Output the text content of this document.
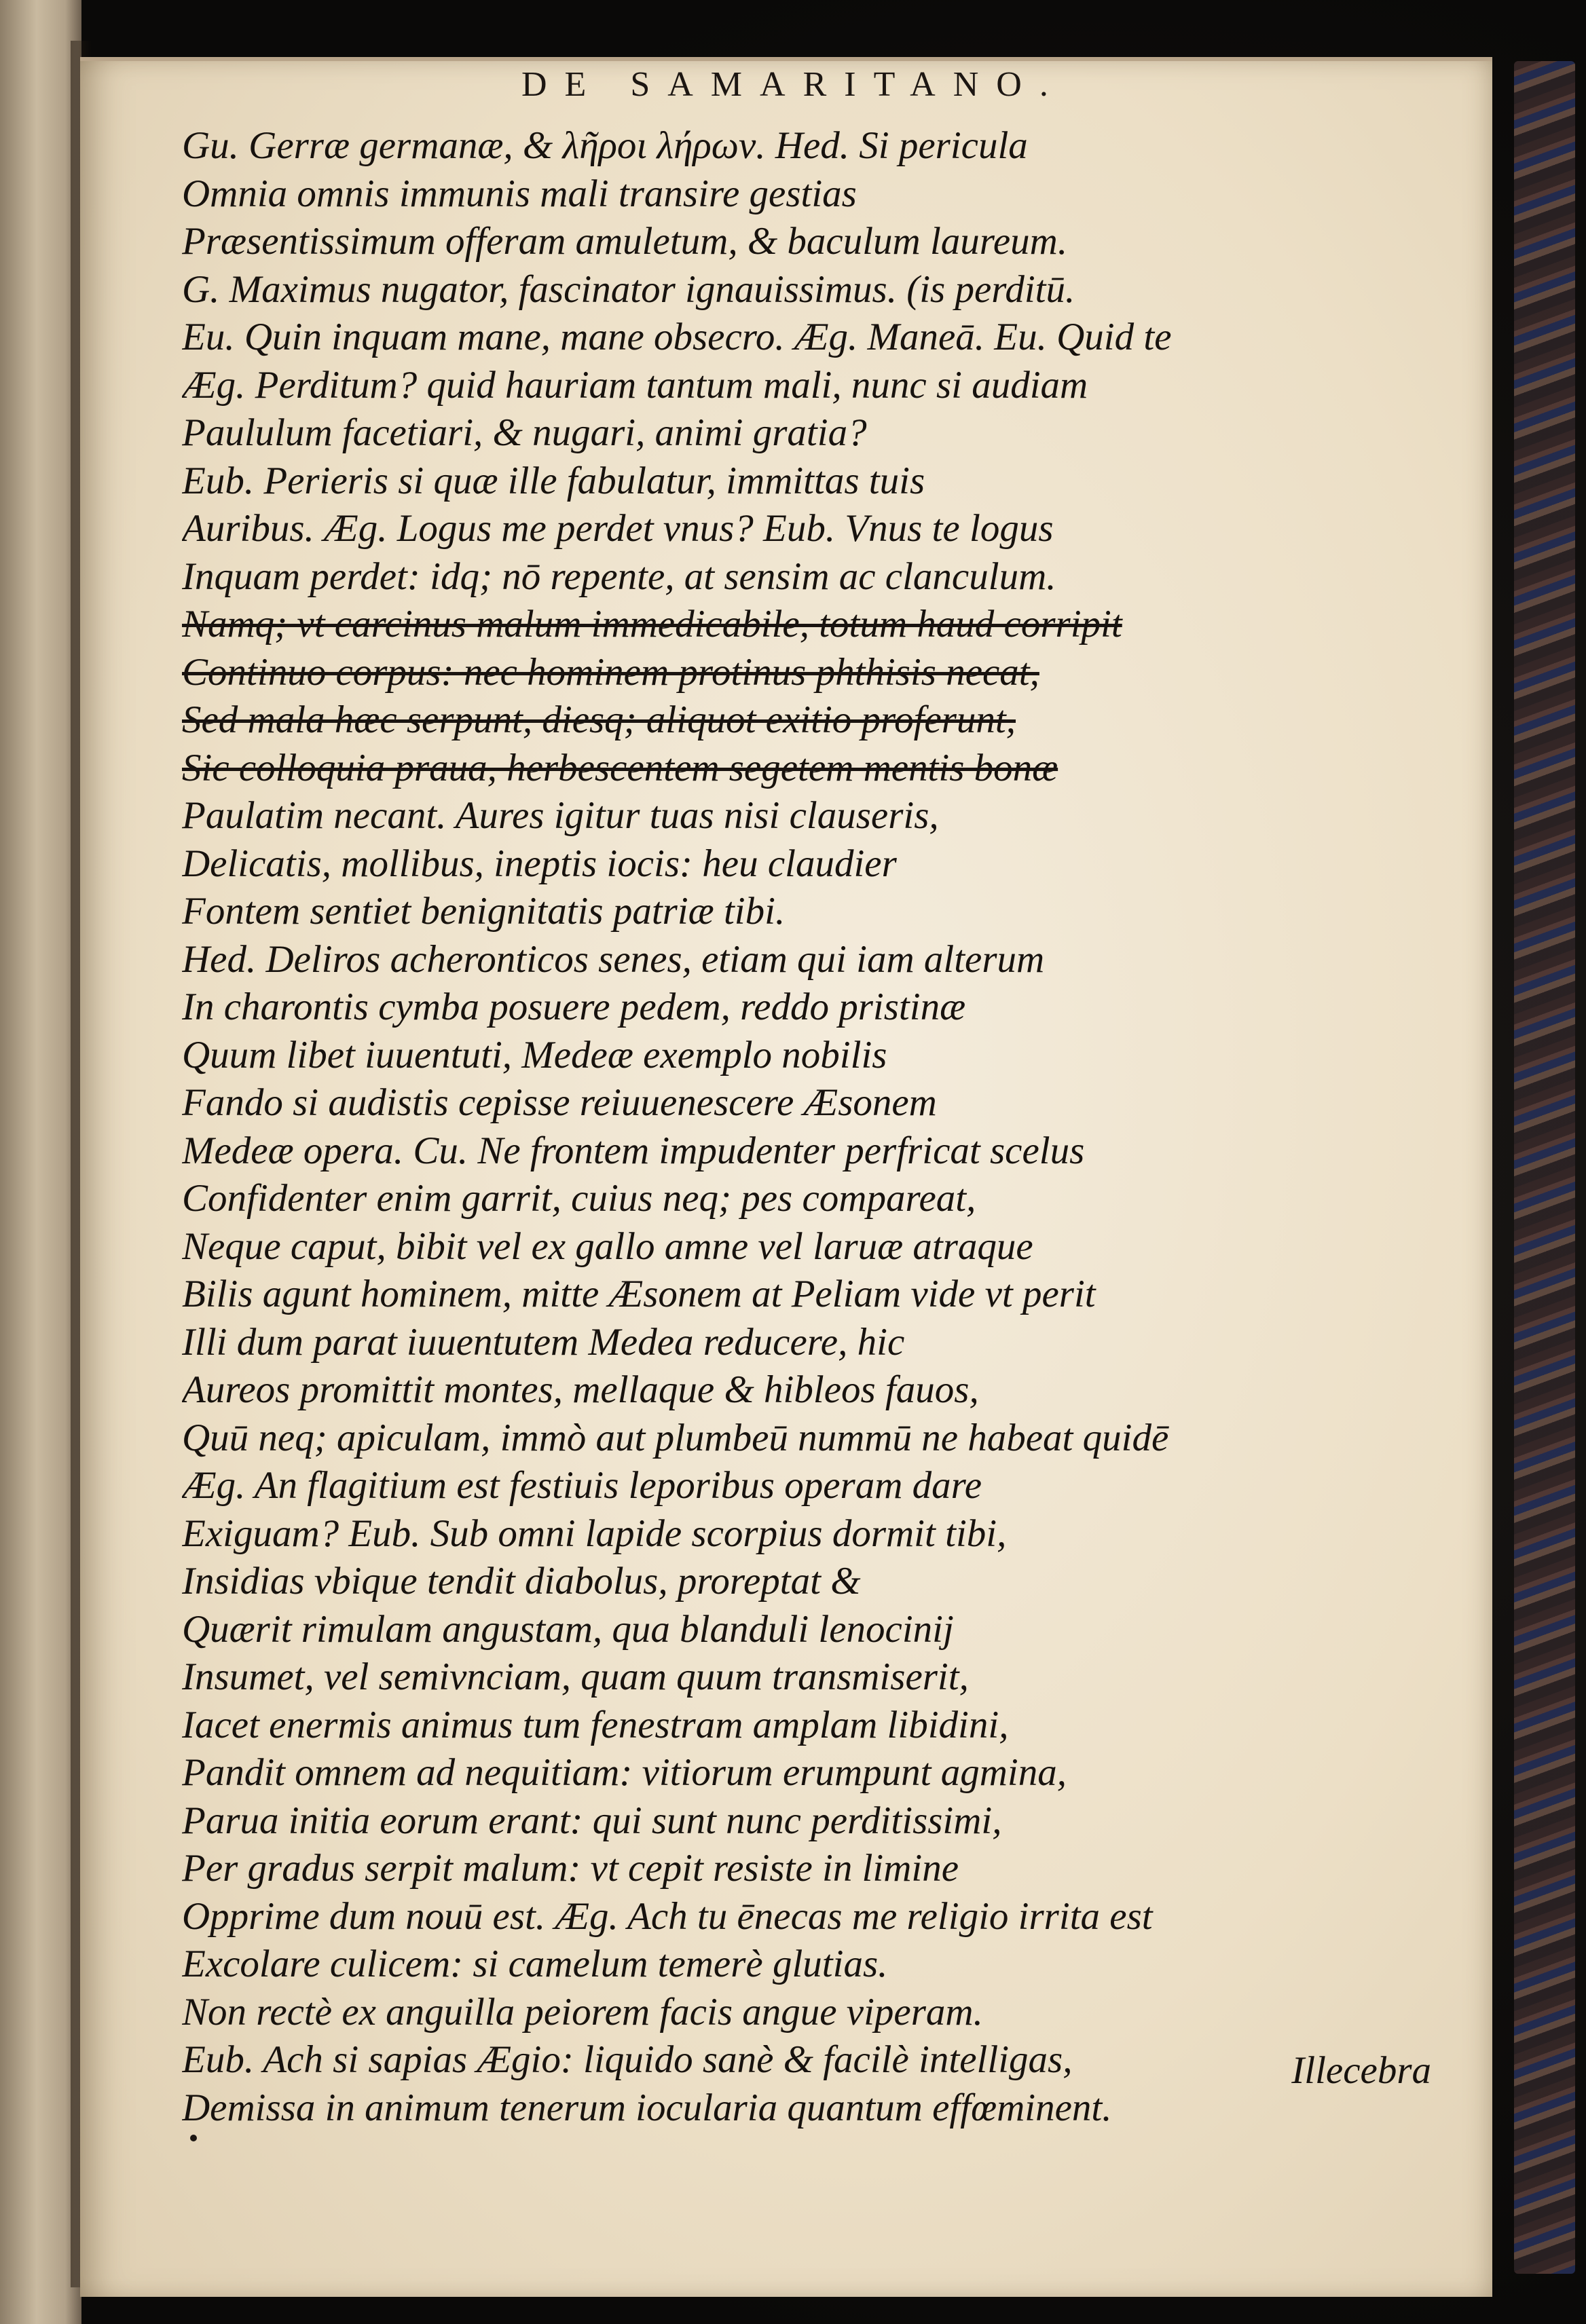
DE SAMARITANO.
Gu. Gerræ germanæ, & λῆροι λήρων. Hed. Si pericula
Omnia omnis immunis mali transire gestias
Præsentissimum offeram amuletum, & baculum laureum.
G. Maximus nugator, fascinator ignauissimus. (is perditū.
Eu. Quin inquam mane, mane obsecro. Æg. Maneā. Eu. Quid te
Æg. Perditum? quid hauriam tantum mali, nunc si audiam
Paululum facetiari, & nugari, animi gratia?
Eub. Perieris si quæ ille fabulatur, immittas tuis
Auribus. Æg. Logus me perdet vnus? Eub. Vnus te logus
Inquam perdet: idq; nō repente, at sensim ac clanculum.
Namq; vt carcinus malum immedicabile, totum haud corripit
Continuo corpus: nec hominem protinus phthisis necat,
Sed mala hæc serpunt, diesq; aliquot exitio proferunt,
Sic colloquia praua, herbescentem segetem mentis bonæ
Paulatim necant. Aures igitur tuas nisi clauseris,
Delicatis, mollibus, ineptis iocis: heu claudier
Fontem sentiet benignitatis patriæ tibi.
Hed. Deliros acheronticos senes, etiam qui iam alterum
In charontis cymba posuere pedem, reddo pristinæ
Quum libet iuuentuti, Medeæ exemplo nobilis
Fando si audistis cepisse reiuuenescere Æsonem
Medeæ opera. Cu. Ne frontem impudenter perfricat scelus
Confidenter enim garrit, cuius neq; pes compareat,
Neque caput, bibit vel ex gallo amne vel laruæ atraque
Bilis agunt hominem, mitte Æsonem at Peliam vide vt perit
Illi dum parat iuuentutem Medea reducere, hic
Aureos promittit montes, mellaque & hibleos fauos,
Quū neq; apiculam, immò aut plumbeū nummū ne habeat quidē
Æg. An flagitium est festiuis leporibus operam dare
Exiguam? Eub. Sub omni lapide scorpius dormit tibi,
Insidias vbique tendit diabolus, proreptat &
Quærit rimulam angustam, qua blanduli lenocinij
Insumet, vel semivnciam, quam quum transmiserit,
Iacet enermis animus tum fenestram amplam libidini,
Pandit omnem ad nequitiam: vitiorum erumpunt agmina,
Parua initia eorum erant: qui sunt nunc perditissimi,
Per gradus serpit malum: vt cepit resiste in limine
Opprime dum nouū est. Æg. Ach tu ēnecas me religio irrita est
Excolare culicem: si camelum temerè glutias.
Non rectè ex anguilla peiorem facis angue viperam.
Eub. Ach si sapias Ægio: liquido sanè & facilè intelligas,
Demissa in animum tenerum iocularia quantum effœminent.
Illecebra
